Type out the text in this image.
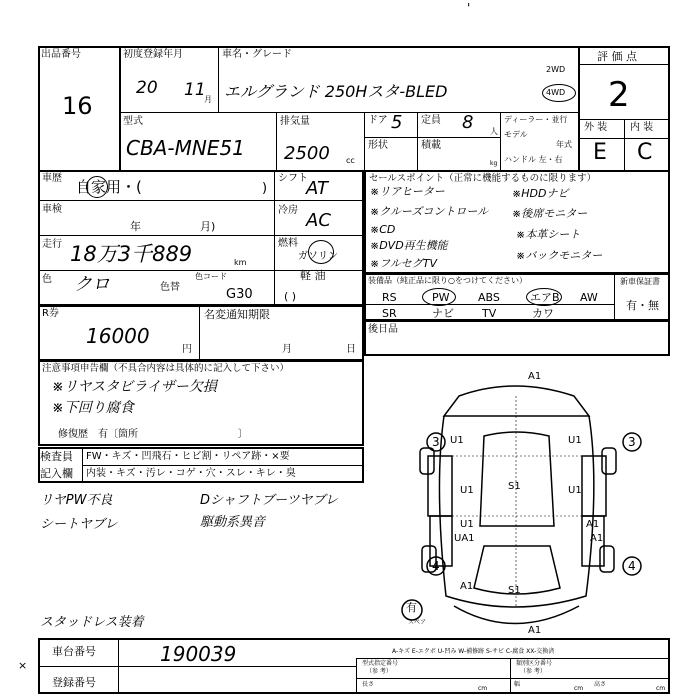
'
出品番号
16
初度登録年月
20 11
月
車名・グレード
エルグランド 250Hスタ-BLED
2WD
4WD
評 価 点
2
型式
CBA-MNE51
排気量
2500 cc
ドア 5 定員 8 人
形状	積載
kg
ディーラー・並行
モデル
年式
ハンドル 左・右
外 装 内 装
E C
車歴 自家用・(	)
シフト
AT
車検
年	月)
冷房 AC
走行 18万3千889	km
燃料
ガソリン
軽 油
色 クロ	色替
色コード
G30	( )
セールスポイント（正常に機能するものに限ります）
※リアヒーター
※クルーズコントロール
※CD
※DVD再生機能
※フルセグTV
※HDDナビ
※後席モニター
※本革シート
※バックモニター
装備品（純正品に限り○をつけてください）
RS	PW	ABS	エアB AW
SR	ナビ	TV	カワ
新車保証書
有・無
R券
16000
円
名変通知期限
月	日
後日品
注意事項申告欄（不具合内容は具体的に記入して下さい）
※リヤスタビライザー欠損
※下回り腐食
修復歴　有〔箇所　　　　　　　　　　〕
検査員
記入欄
FW・キズ・凹飛石・ヒビ割・リペア跡・×要
内装・キズ・汚レ・コゲ・穴・スレ・キレ・臭
リヤPW不良
シートヤブレ
Dシャフトブーツヤブレ
駆動系異音
スタッドレス装着
A1
U1	U1
S1
U1	U1
U1
UA1
A1
A1
S1
A1
A1
3	3
4	4
有
スペア
A-キズ E-エクボ U-凹み W-補修跡 S-サビ C-腐食 XX-交換済
車台番号	190039
登録番号
×	型式指定番号
（参 考）
類別区分番号
（参 考）
長さ
cm
幅
cm
高さ
cm
